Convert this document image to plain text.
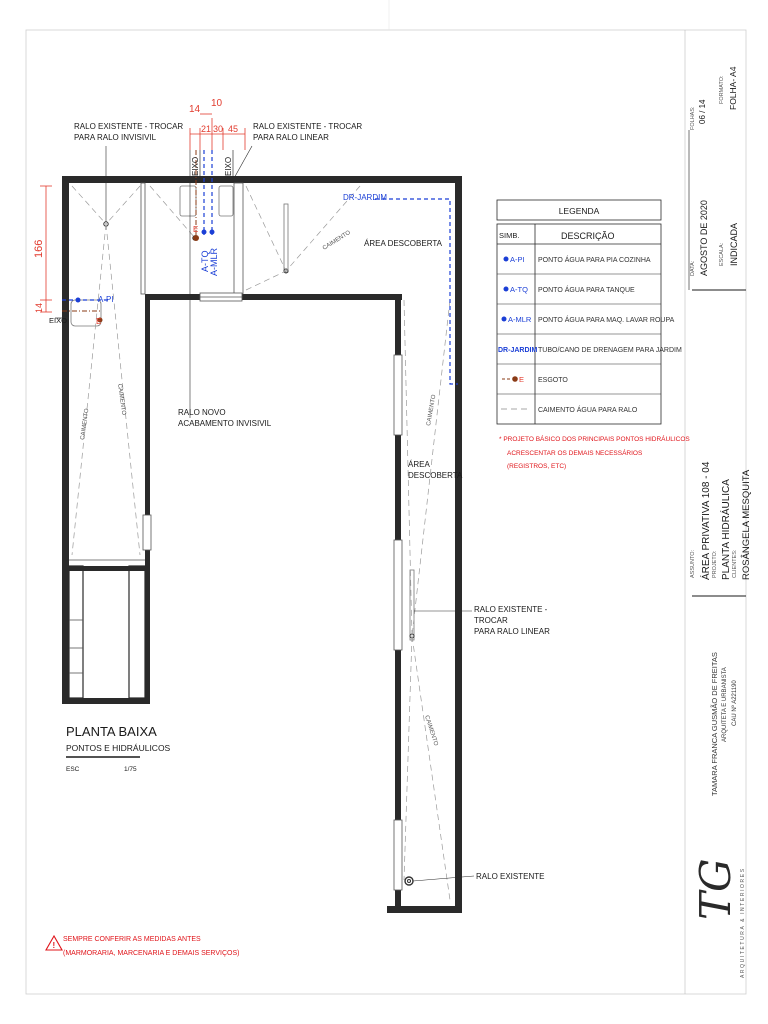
14
10
21 30 45
166
14
EIXO	EIXO
EIXO
A-TQ A-MLR
A-PI
E
E
DR-JARDIM
RALO EXISTENTE - TROCAR
PARA RALO INVISIVIL
RALO EXISTENTE - TROCAR
PARA RALO LINEAR
RALO NOVO
ACABAMENTO INVISIVIL
ÁREA DESCOBERTA
ÁREA
DESCOBERTA
RALO EXISTENTE -
TROCAR
PARA RALO LINEAR
RALO EXISTENTE
CAIMENTO
CAIMENTO
CAIMENTO
CAIMENTO
CAIMENTO
LEGENDA
SIMB.	DESCRIÇÃO
A-PI PONTO ÁGUA PARA PIA COZINHA
A-TQ PONTO ÁGUA PARA TANQUE
A-MLR PONTO ÁGUA PARA MAQ. LAVAR ROUPA
DR-JARDIM TUBO/CANO DE DRENAGEM PARA JARDIM
E ESGOTO
CAIMENTO ÁGUA PARA RALO
* PROJETO BÁSICO DOS PRINCIPAIS PONTOS HIDRÁULICOS
ACRESCENTAR OS DEMAIS NECESSÁRIOS
(REGISTROS, ETC)
PLANTA BAIXA
PONTOS E HIDRÁULICOS
ESC	1/75
!
SEMPRE CONFERIR AS MEDIDAS ANTES
(MARMORARIA, MARCENARIA E DEMAIS SERVIÇOS)
FOLHAS: 06 / 14
FORMATO: FOLHA- A4
DATA: AGOSTO DE 2020 ESCALA: INDICADA
ASSUNTO: ÁREA PRIVATIVA 108 - 04 PROJETO: PLANTA HIDRÁULICA CLIENTES: ROSÂNGELA MESQUITA
TAMARA FRANCA GUSMÃO DE FREITAS ARQUITETA E URBANISTA CAU Nº A221190
TG ARQUITETURA & INTERIORES
